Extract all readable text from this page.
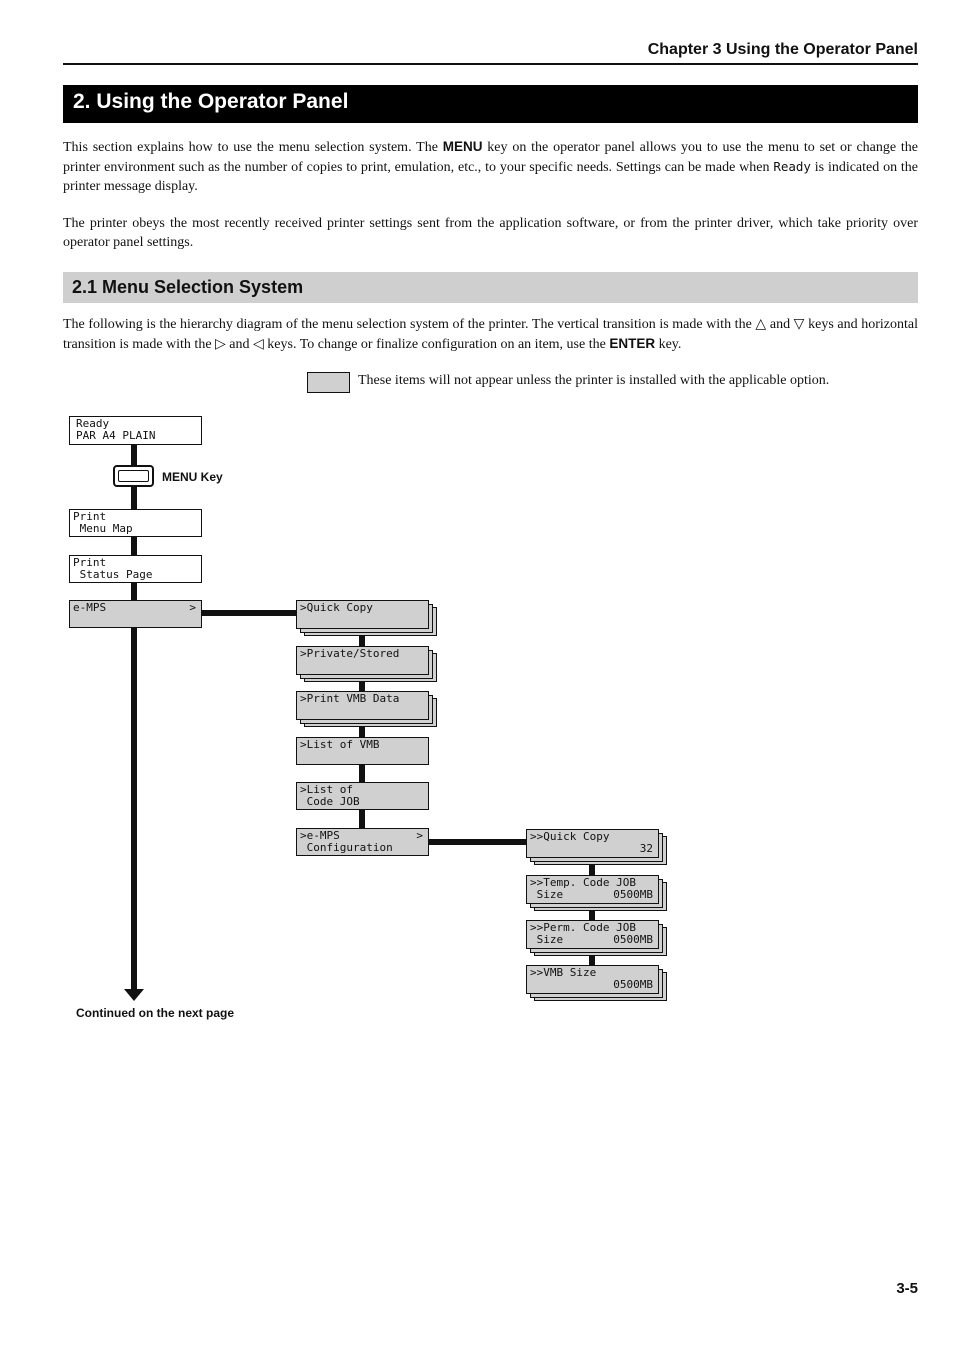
Chapter 3 Using the Operator Panel
2. Using the Operator Panel
This section explains how to use the menu selection system. The MENU key on the operator panel allows you to use the menu to set or change the printer environment such as the number of copies to print, emulation, etc., to your specific needs. Settings can be made when Ready is indicated on the printer message display.
The printer obeys the most recently received printer settings sent from the application software, or from the printer driver, which take priority over operator panel settings.
2.1 Menu Selection System
The following is the hierarchy diagram of the menu selection system of the printer. The vertical transition is made with the △ and ▽ keys and horizontal transition is made with the ▷ and ◁ keys. To change or finalize configuration on an item, use the ENTER key.
These items will not appear unless the printer is installed with the applicable option.
Ready
PAR A4 PLAIN
MENU Key
Print
Menu Map
Print
Status Page
e-MPS	>	>Quick Copy
>Private/Stored
>Print VMB Data
>List of VMB
>List of
Code JOB
>e-MPS	>
Configuration
>>Quick Copy
32
>>Temp. Code JOB
Size	0500MB
>>Perm. Code JOB
Size	0500MB
>>VMB Size
0500MB
Continued on the next page
3-5
